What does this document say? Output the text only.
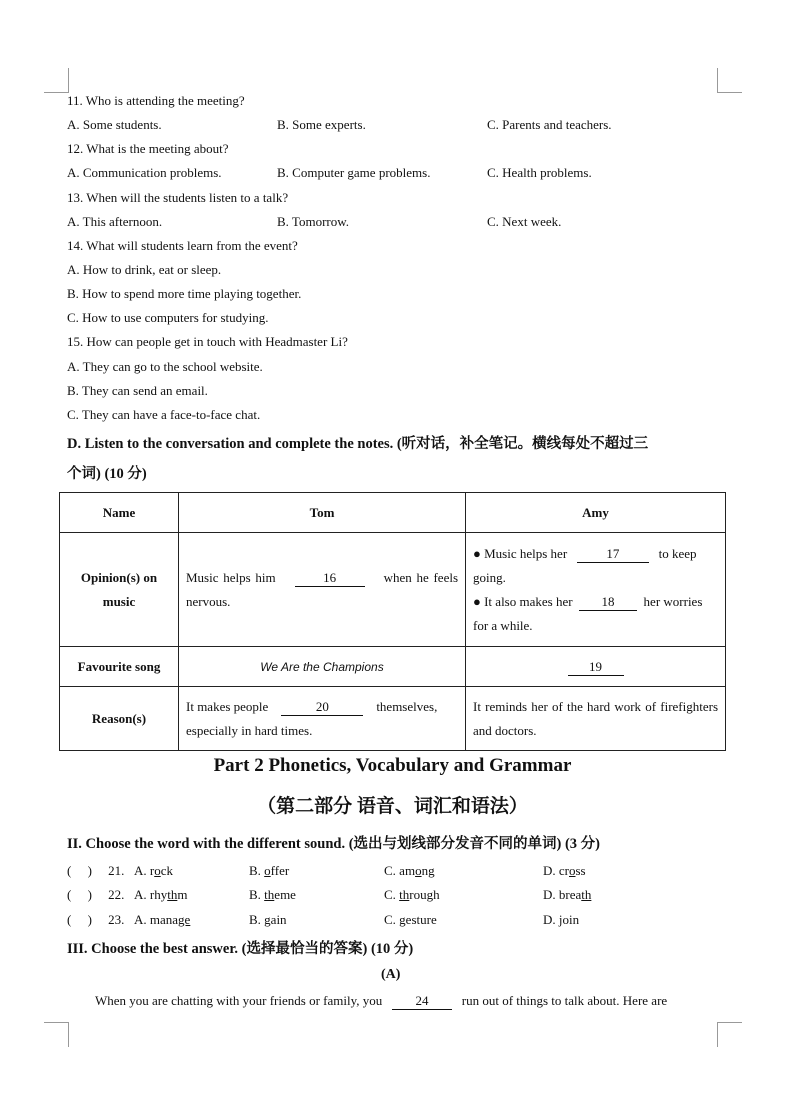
11. Who is attending the meeting?
A. Some students.	B. Some experts.	C. Parents and teachers.
12. What is the meeting about?
A. Communication problems.	B. Computer game problems.	C. Health problems.
13. When will the students listen to a talk?
A. This afternoon.	B. Tomorrow.	C. Next week.
14. What will students learn from the event?
A. How to drink, eat or sleep.
B. How to spend more time playing together.
C. How to use computers for studying.
15. How can people get in touch with Headmaster Li?
A. They can go to the school website.
B. They can send an email.
C. They can have a face-to-face chat.
D. Listen to the conversation and complete the notes. (听对话，补全笔记。横线每处不超过三
个词) (10 分)
Name	Tom	Amy
Opinion(s) on music	Music helps him 16 when he feels nervous.	● Music helps her 17 to keep going.
● It also makes her 18 her worries for a while.

Favourite song	We Are the Champions	19
Reason(s)	It makes people 20 themselves, especially in hard times.	It reminds her of the hard work of firefighters and doctors.
Part 2 Phonetics, Vocabulary and Grammar
（第二部分 语音、词汇和语法）
II. Choose the word with the different sound. (选出与划线部分发音不同的单词) (3 分)
( ) 21. A. rock	B. offer	C. among	D. cross
( ) 22. A. rhythm	B. theme	C. through	D. breath
( ) 23. A. manage	B. gain	C. gesture	D. join
III. Choose the best answer. (选择最恰当的答案) (10 分)
(A)
When you are chatting with your friends or family, you	24	run out of things to talk about. Here are
